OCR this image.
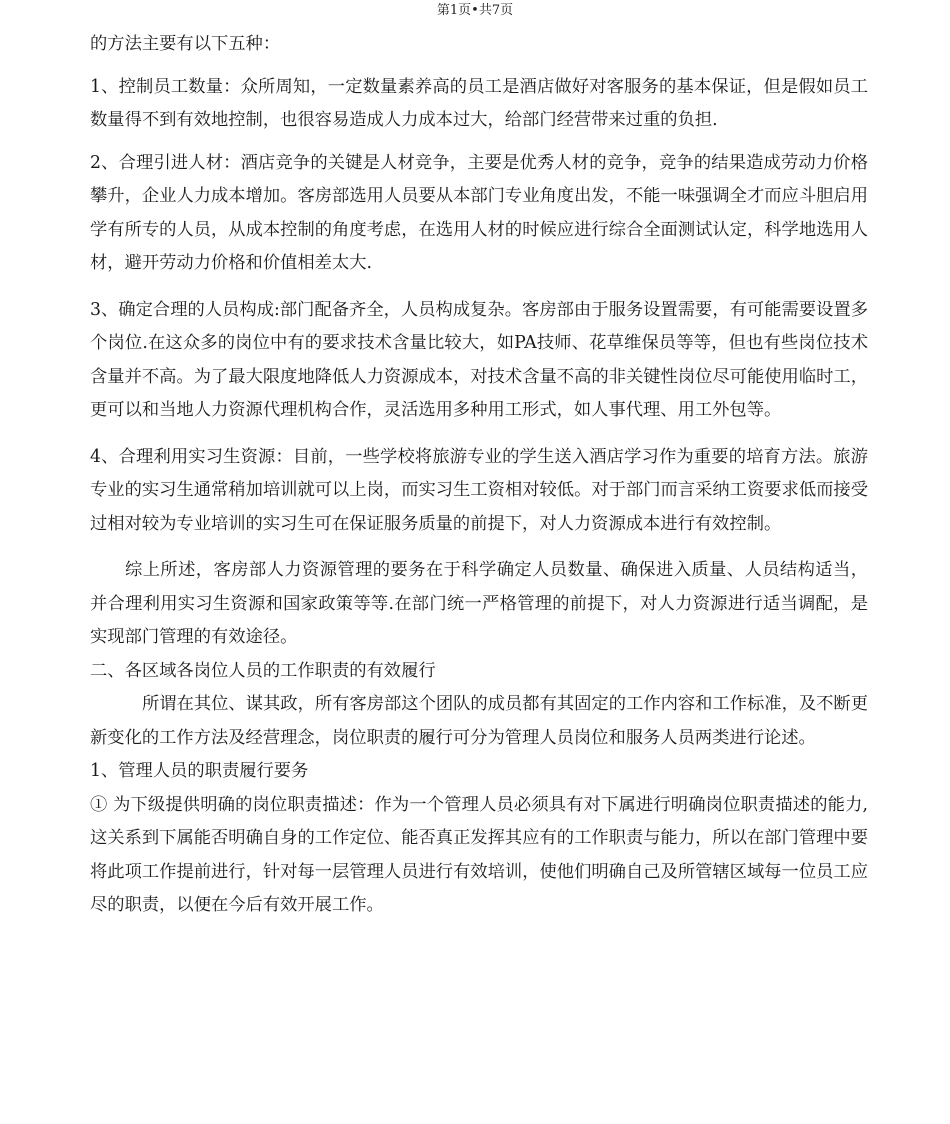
第1页•共7页

的方法主要有以下五种：

1、控制员工数量：众所周知，一定数量素养高的员工是酒店做好对客服务的基本保证，但是假如员工数量得不到有效地控制，也很容易造成人力成本过大，给部门经营带来过重的负担.

2、合理引进人材：酒店竞争的关键是人材竞争，主要是优秀人材的竞争，竞争的结果造成劳动力价格攀升，企业人力成本增加。客房部选用人员要从本部门专业角度出发，不能一味强调全才而应斗胆启用学有所专的人员，从成本控制的角度考虑，在选用人材的时候应进行综合全面测试认定，科学地选用人材，避开劳动力价格和价值相差太大.

3、确定合理的人员构成:部门配备齐全，人员构成复杂。客房部由于服务设置需要，有可能需要设置多个岗位.在这众多的岗位中有的要求技术含量比较大，如PA技师、花草维保员等等，但也有些岗位技术含量并不高。为了最大限度地降低人力资源成本，对技术含量不高的非关键性岗位尽可能使用临时工，更可以和当地人力资源代理机构合作，灵活选用多种用工形式，如人事代理、用工外包等。

4、合理利用实习生资源：目前，一些学校将旅游专业的学生送入酒店学习作为重要的培育方法。旅游专业的实习生通常稍加培训就可以上岗，而实习生工资相对较低。对于部门而言采纳工资要求低而接受过相对较为专业培训的实习生可在保证服务质量的前提下，对人力资源成本进行有效控制。

综上所述，客房部人力资源管理的要务在于科学确定人员数量、确保进入质量、人员结构适当，并合理利用实习生资源和国家政策等等.在部门统一严格管理的前提下，对人力资源进行适当调配，是实现部门管理的有效途径。

二、各区域各岗位人员的工作职责的有效履行

所谓在其位、谋其政，所有客房部这个团队的成员都有其固定的工作内容和工作标准，及不断更新变化的工作方法及经营理念，岗位职责的履行可分为管理人员岗位和服务人员两类进行论述。

1、管理人员的职责履行要务

① 为下级提供明确的岗位职责描述：作为一个管理人员必须具有对下属进行明确岗位职责描述的能力,这关系到下属能否明确自身的工作定位、能否真正发挥其应有的工作职责与能力，所以在部门管理中要将此项工作提前进行，针对每一层管理人员进行有效培训，使他们明确自己及所管辖区域每一位员工应尽的职责，以便在今后有效开展工作。
